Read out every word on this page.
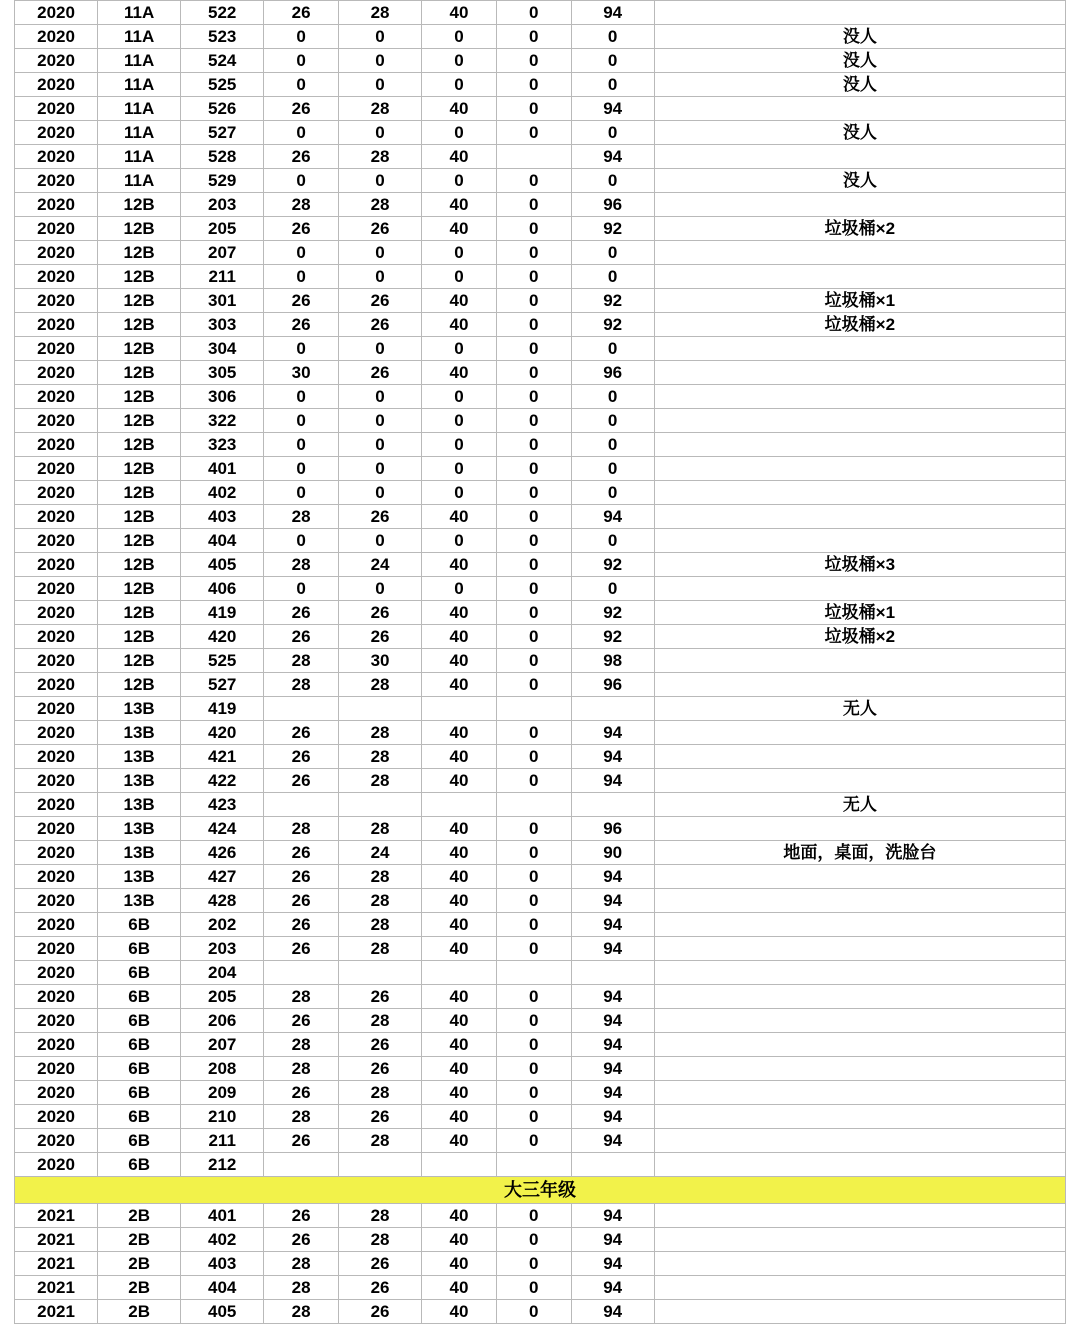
2020	11A	522	26	28	40	0	94	
2020	11A	523	0	0	0	0	0	没人
2020	11A	524	0	0	0	0	0	没人
2020	11A	525	0	0	0	0	0	没人
2020	11A	526	26	28	40	0	94	
2020	11A	527	0	0	0	0	0	没人
2020	11A	528	26	28	40		94	
2020	11A	529	0	0	0	0	0	没人
2020	12B	203	28	28	40	0	96	
2020	12B	205	26	26	40	0	92	垃圾桶×2
2020	12B	207	0	0	0	0	0	
2020	12B	211	0	0	0	0	0	
2020	12B	301	26	26	40	0	92	垃圾桶×1
2020	12B	303	26	26	40	0	92	垃圾桶×2
2020	12B	304	0	0	0	0	0	
2020	12B	305	30	26	40	0	96	
2020	12B	306	0	0	0	0	0	
2020	12B	322	0	0	0	0	0	
2020	12B	323	0	0	0	0	0	
2020	12B	401	0	0	0	0	0	
2020	12B	402	0	0	0	0	0	
2020	12B	403	28	26	40	0	94	
2020	12B	404	0	0	0	0	0	
2020	12B	405	28	24	40	0	92	垃圾桶×3
2020	12B	406	0	0	0	0	0	
2020	12B	419	26	26	40	0	92	垃圾桶×1
2020	12B	420	26	26	40	0	92	垃圾桶×2
2020	12B	525	28	30	40	0	98	
2020	12B	527	28	28	40	0	96	
2020	13B	419						无人
2020	13B	420	26	28	40	0	94	
2020	13B	421	26	28	40	0	94	
2020	13B	422	26	28	40	0	94	
2020	13B	423						无人
2020	13B	424	28	28	40	0	96	
2020	13B	426	26	24	40	0	90	地面，桌面，洗脸台
2020	13B	427	26	28	40	0	94	
2020	13B	428	26	28	40	0	94	
2020	6B	202	26	28	40	0	94	
2020	6B	203	26	28	40	0	94	
2020	6B	204						
2020	6B	205	28	26	40	0	94	
2020	6B	206	26	28	40	0	94	
2020	6B	207	28	26	40	0	94	
2020	6B	208	28	26	40	0	94	
2020	6B	209	26	28	40	0	94	
2020	6B	210	28	26	40	0	94	
2020	6B	211	26	28	40	0	94	
2020	6B	212						
大三年级								
2021	2B	401	26	28	40	0	94	
2021	2B	402	26	28	40	0	94	
2021	2B	403	28	26	40	0	94	
2021	2B	404	28	26	40	0	94	
2021	2B	405	28	26	40	0	94	
